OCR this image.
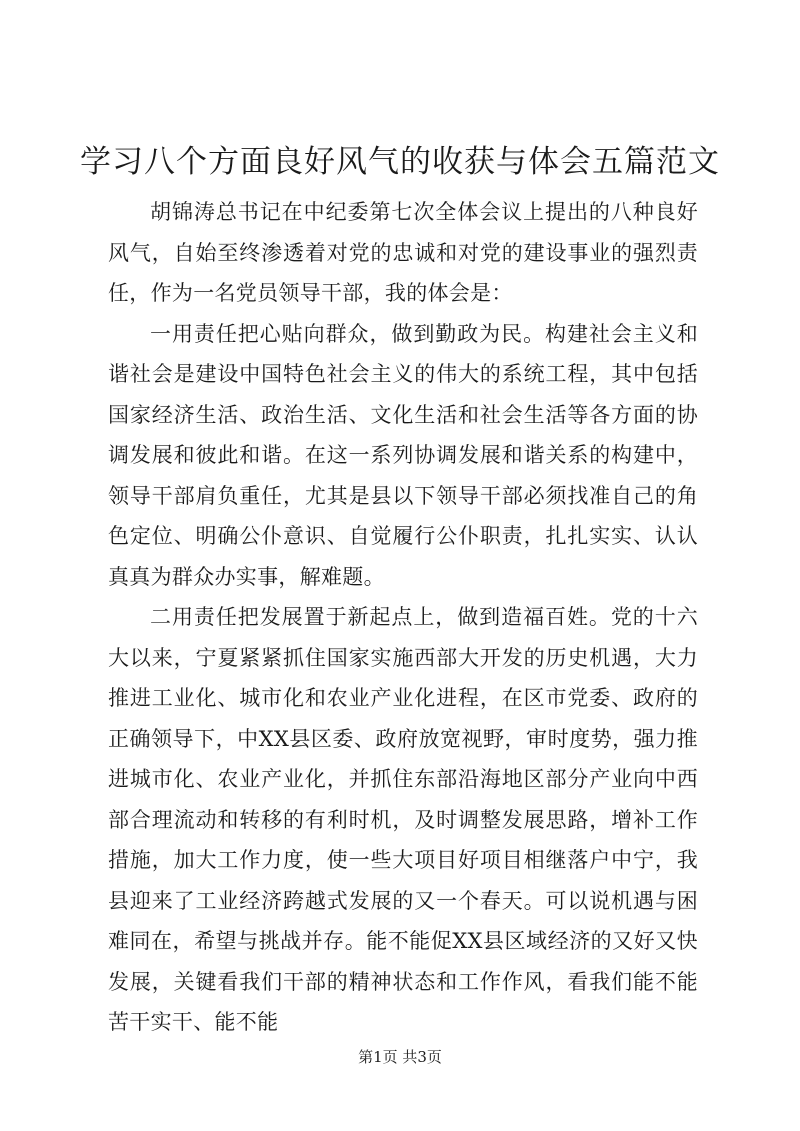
学习八个方面良好风气的收获与体会五篇范文

胡锦涛总书记在中纪委第七次全体会议上提出的八种良好风气，自始至终渗透着对党的忠诚和对党的建设事业的强烈责任，作为一名党员领导干部，我的体会是：

一用责任把心贴向群众，做到勤政为民。构建社会主义和谐社会是建设中国特色社会主义的伟大的系统工程，其中包括国家经济生活、政治生活、文化生活和社会生活等各方面的协调发展和彼此和谐。在这一系列协调发展和谐关系的构建中，领导干部肩负重任，尤其是县以下领导干部必须找准自己的角色定位、明确公仆意识、自觉履行公仆职责，扎扎实实、认认真真为群众办实事，解难题。

二用责任把发展置于新起点上，做到造福百姓。党的十六大以来，宁夏紧紧抓住国家实施西部大开发的历史机遇，大力推进工业化、城市化和农业产业化进程，在区市党委、政府的正确领导下，中XX县区委、政府放宽视野，审时度势，强力推进城市化、农业产业化，并抓住东部沿海地区部分产业向中西部合理流动和转移的有利时机，及时调整发展思路，增补工作措施，加大工作力度，使一些大项目好项目相继落户中宁，我县迎来了工业经济跨越式发展的又一个春天。可以说机遇与困难同在，希望与挑战并存。能不能促XX县区域经济的又好又快发展，关键看我们干部的精神状态和工作作风，看我们能不能苦干实干、能不能

第1页 共3页
